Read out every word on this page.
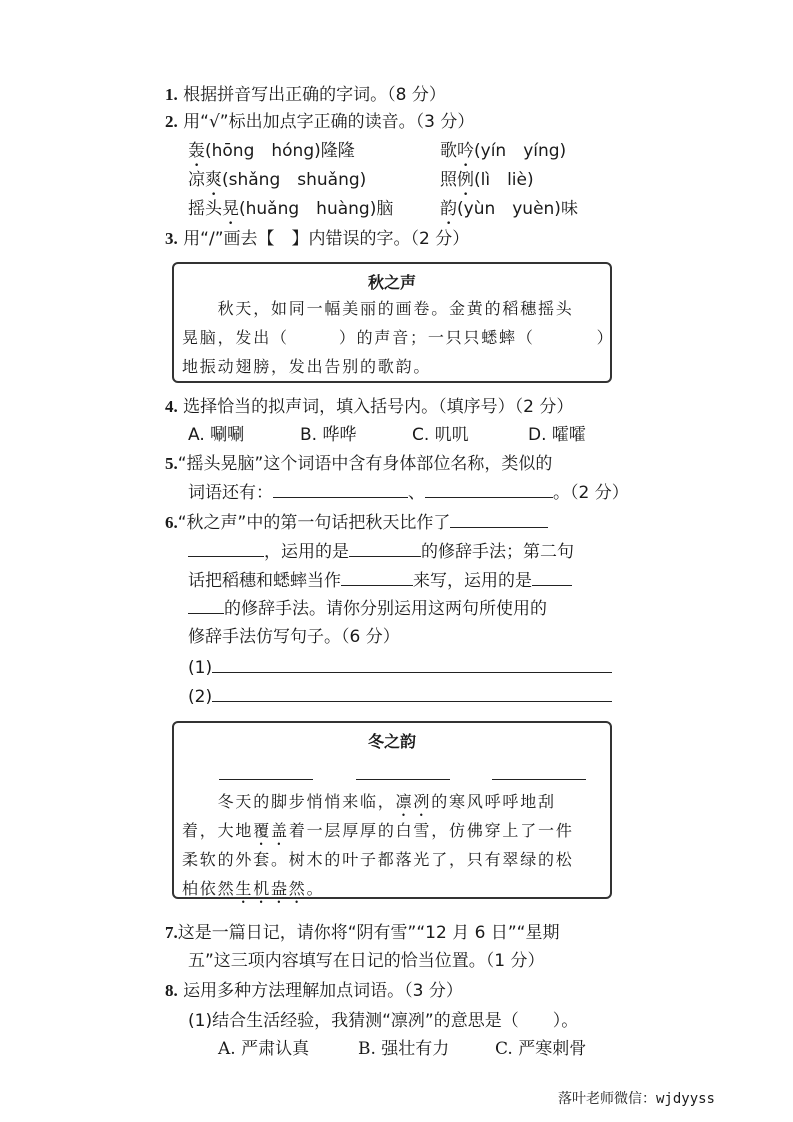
1. 根据拼音写出正确的字词。（8 分）
2. 用“√”标出加点字正确的读音。（3 分）
轰(hōng　hóng)隆隆	歌吟(yín　yíng)
凉爽(shǎng　shuǎng)	照例(lì　liè)
摇头晃(huǎng　huàng)脑	韵(yùn　yuèn)味
3. 用“/”画去【　】内错误的字。（2 分）
秋之声
　　秋天，如同一幅美丽的画卷。金黄的稻穗摇头
晃脑，发出（	）的声音；一只只蟋蟀（	）
地振动翅膀，发出告别的歌韵。
4. 选择恰当的拟声词，填入括号内。（填序号）（2 分）
A. 唰唰	B. 哗哗	C. 叽叽	D. 嚯嚯
5.“摇头晃脑”这个词语中含有身体部位名称，类似的
词语还有：	、	。（2 分）
6.“秋之声”中的第一句话把秋天比作了
，运用的是	的修辞手法；第二句
话把稻穗和蟋蟀当作	来写，运用的是
的修辞手法。请你分别运用这两句所使用的
修辞手法仿写句子。（6 分）
(1)
(2)
冬之韵
　　冬天的脚步悄悄来临，凛冽的寒风呼呼地刮
着，大地覆盖着一层厚厚的白雪，仿佛穿上了一件
柔软的外套。树木的叶子都落光了，只有翠绿的松
柏依然生机盎然。
7.这是一篇日记，请你将“阴有雪”“12 月 6 日”“星期
五”这三项内容填写在日记的恰当位置。（1 分）
8. 运用多种方法理解加点词语。（3 分）
(1)结合生活经验，我猜测“凛冽”的意思是（　　）。
A. 严肃认真	B. 强壮有力	C. 严寒刺骨
落叶老师微信：wjdyyss
